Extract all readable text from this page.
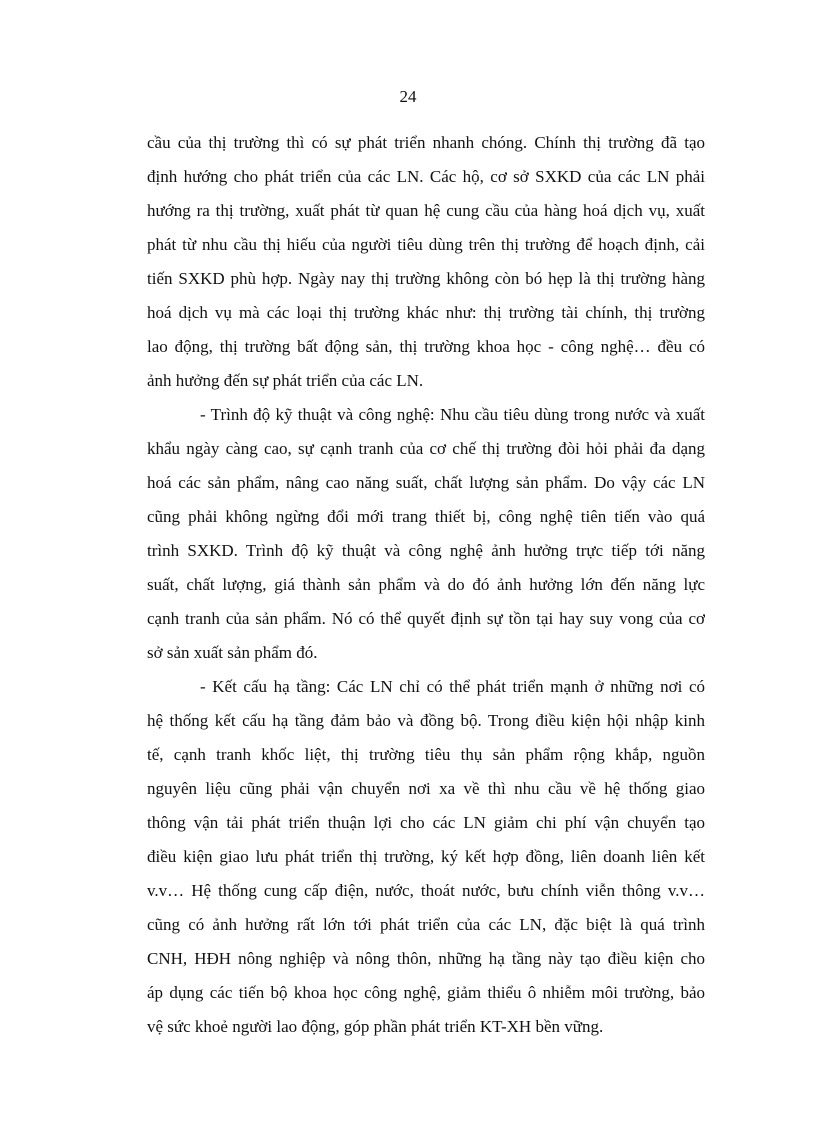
24
cầu của thị trường thì có sự phát triển nhanh chóng. Chính thị trường đã tạo
định hướng cho phát triển của các LN. Các hộ, cơ sở SXKD của các LN phải
hướng ra thị trường, xuất phát từ quan hệ cung cầu của hàng hoá dịch vụ, xuất
phát từ nhu cầu thị hiếu của người tiêu dùng trên thị trường để hoạch định, cải
tiến SXKD phù hợp. Ngày nay thị trường không còn bó hẹp là thị trường hàng
hoá dịch vụ mà các loại thị trường khác như: thị trường tài chính, thị trường
lao động, thị trường bất động sản, thị trường khoa học - công nghệ… đều có
ảnh hưởng đến sự phát triển của các LN.
- Trình độ kỹ thuật và công nghệ: Nhu cầu tiêu dùng trong nước và xuất
khẩu ngày càng cao, sự cạnh tranh của cơ chế thị trường đòi hỏi phải đa dạng
hoá các sản phẩm, nâng cao năng suất, chất lượng sản phẩm. Do vậy các LN
cũng phải không ngừng đổi mới trang thiết bị, công nghệ tiên tiến vào quá
trình SXKD. Trình độ kỹ thuật và công nghệ ảnh hưởng trực tiếp tới năng
suất, chất lượng, giá thành sản phẩm và do đó ảnh hưởng lớn đến năng lực
cạnh tranh của sản phẩm. Nó có thể quyết định sự tồn tại hay suy vong của cơ
sở sản xuất sản phẩm đó.
- Kết cấu hạ tầng: Các LN chỉ có thể phát triển mạnh ở những nơi có
hệ thống kết cấu hạ tầng đảm bảo và đồng bộ. Trong điều kiện hội nhập kinh
tế, cạnh tranh khốc liệt, thị trường tiêu thụ sản phẩm rộng khắp, nguồn
nguyên liệu cũng phải vận chuyển nơi xa về thì nhu cầu về hệ thống giao
thông vận tải phát triển thuận lợi cho các LN giảm chi phí vận chuyển tạo
điều kiện giao lưu phát triển thị trường, ký kết hợp đồng, liên doanh liên kết
v.v… Hệ thống cung cấp điện, nước, thoát nước, bưu chính viễn thông v.v…
cũng có ảnh hưởng rất lớn tới phát triển của các LN, đặc biệt là quá trình
CNH, HĐH nông nghiệp và nông thôn, những hạ tầng này tạo điều kiện cho
áp dụng các tiến bộ khoa học công nghệ, giảm thiểu ô nhiễm môi trường, bảo
vệ sức khoẻ người lao động, góp phần phát triển KT-XH bền vững.
